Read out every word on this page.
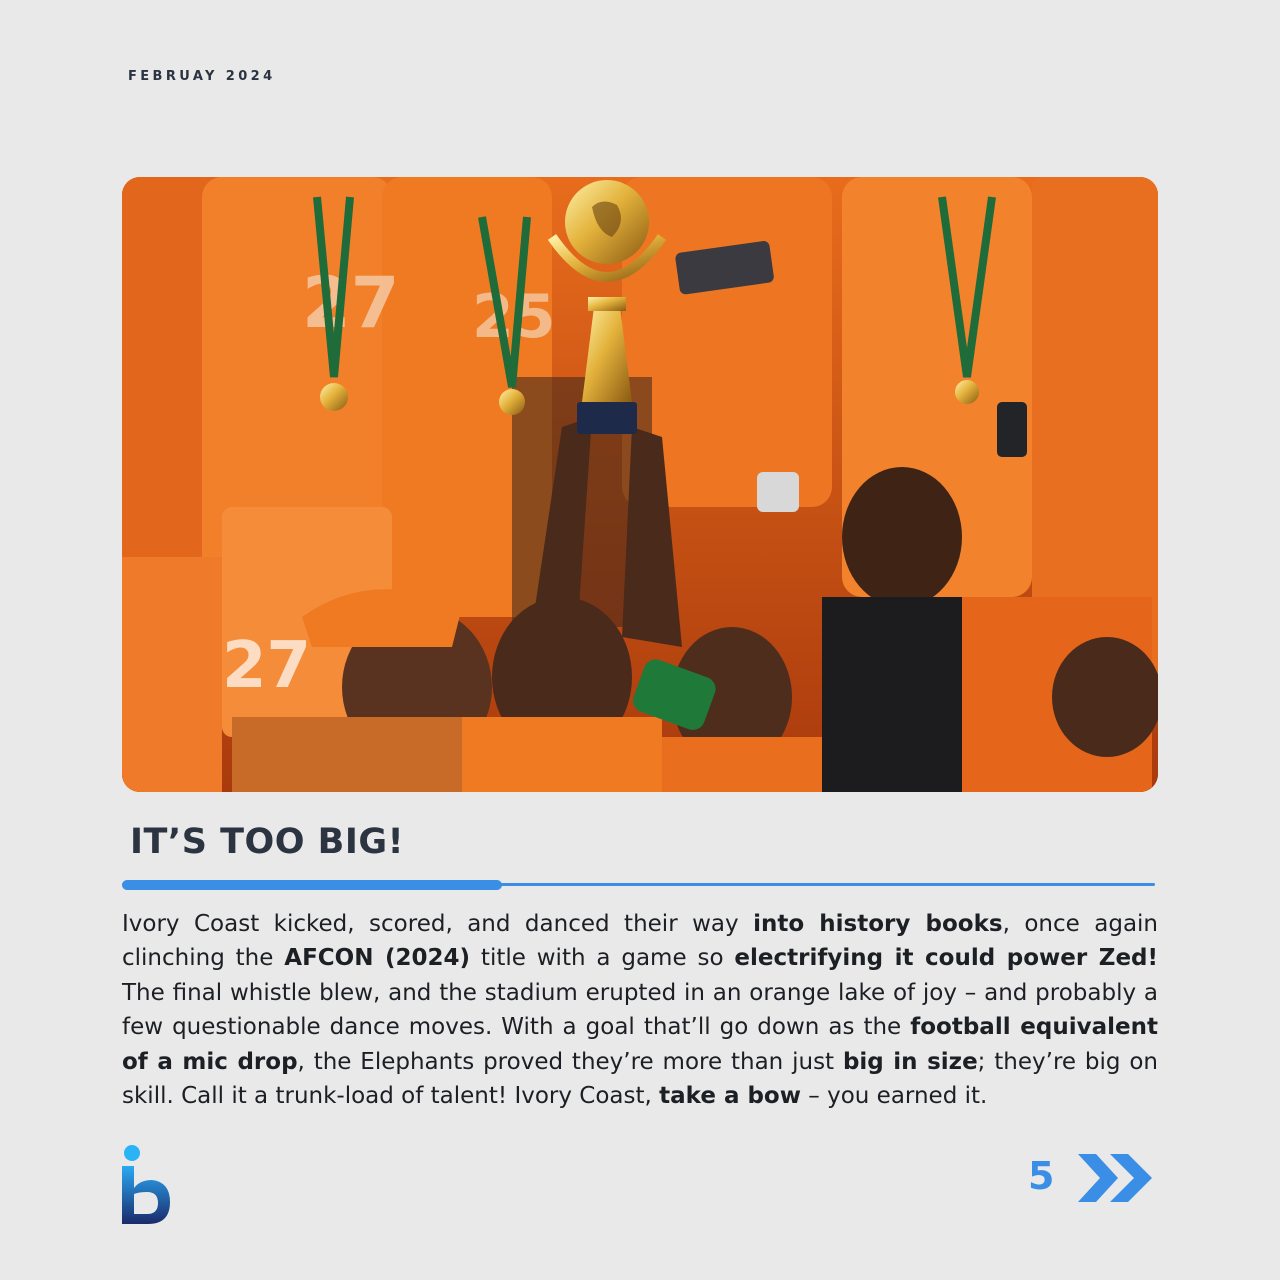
FEBRUAY 2024
27 25
27
IT’S TOO BIG!
Ivory Coast kicked, scored, and danced their way into history books, once again clinching the AFCON (2024) title with a game so electrifying it could power Zed! The final whistle blew, and the stadium erupted in an orange lake of joy – and probably a few questionable dance moves. With a goal that’ll go down as the football equivalent of a mic drop, the Elephants proved they’re more than just big in size; they’re big on skill. Call it a trunk-load of talent! Ivory Coast, take a bow – you earned it.
5
